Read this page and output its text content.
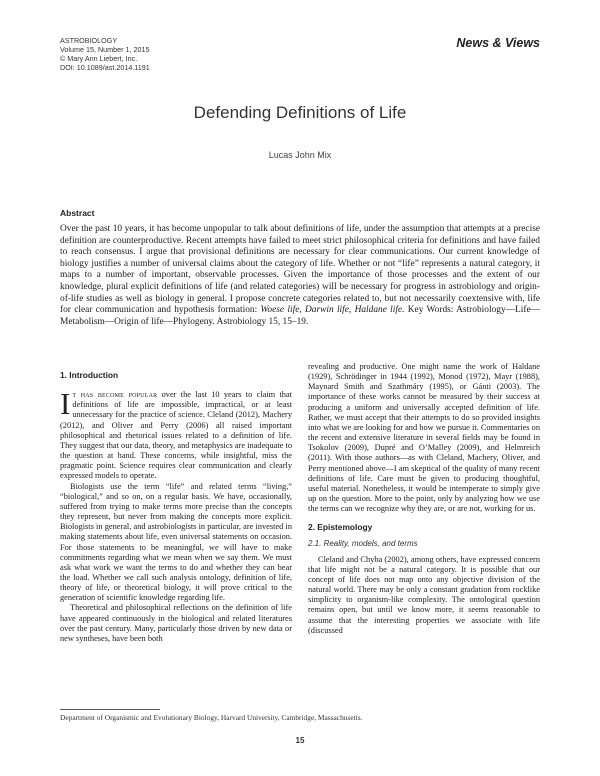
ASTROBIOLOGY
Volume 15, Number 1, 2015
© Mary Ann Liebert, Inc.
DOI: 10.1089/ast.2014.1191
News & Views
Defending Definitions of Life
Lucas John Mix
Abstract

Over the past 10 years, it has become unpopular to talk about definitions of life, under the assumption that attempts at a precise definition are counterproductive. Recent attempts have failed to meet strict philosophical criteria for definitions and have failed to reach consensus. I argue that provisional definitions are necessary for clear communications. Our current knowledge of biology justifies a number of universal claims about the category of life. Whether or not “life” represents a natural category, it maps to a number of important, observable processes. Given the importance of those processes and the extent of our knowledge, plural explicit definitions of life (and related categories) will be necessary for progress in astrobiology and origin-of-life studies as well as biology in general. I propose concrete categories related to, but not necessarily coextensive with, life for clear communication and hypothesis formation: Woese life, Darwin life, Haldane life. Key Words: Astrobiology—Life—Metabolism—Origin of life—Phylogeny. Astrobiology 15, 15–19.

1. Introduction

It has become popular over the last 10 years to claim that definitions of life are impossible, impractical, or at least unnecessary for the practice of science. Cleland (2012), Machery (2012), and Oliver and Perry (2006) all raised important philosophical and rhetorical issues related to a definition of life. They suggest that our data, theory, and metaphysics are inadequate to the question at hand. These concerns, while insightful, miss the pragmatic point. Science requires clear communication and clearly expressed models to operate.

Biologists use the term “life” and related terms “living,” “biological,” and so on, on a regular basis. We have, occasionally, suffered from trying to make terms more precise than the concepts they represent, but never from making the concepts more explicit. Biologists in general, and astrobiologists in particular, are invested in making statements about life, even universal statements on occasion. For those statements to be meaningful, we will have to make commitments regarding what we mean when we say them. We must ask what work we want the terms to do and whether they can bear the load. Whether we call such analysis ontology, definition of life, theory of life, or theoretical biology, it will prove critical to the generation of scientific knowledge regarding life.

Theoretical and philosophical reflections on the definition of life have appeared continuously in the biological and related literatures over the past century. Many, particularly those driven by new data or new syntheses, have been both

revealing and productive. One might name the work of Haldane (1929), Schrödinger in 1944 (1992), Monod (1972), Mayr (1988), Maynard Smith and Szathmáry (1995), or Gánti (2003). The importance of these works cannot be measured by their success at producing a uniform and universally accepted definition of life. Rather, we must accept that their attempts to do so provided insights into what we are looking for and how we pursue it. Commentaries on the recent and extensive literature in several fields may be found in Tsokolov (2009), Dupré and O’Malley (2009), and Helmreich (2011). With those authors—as with Cleland, Machery, Oliver, and Perry mentioned above—I am skeptical of the quality of many recent definitions of life. Care must be given to producing thoughtful, useful material. Nonetheless, it would be intemperate to simply give up on the question. More to the point, only by analyzing how we use the terms can we recognize why they are, or are not, working for us.

2. Epistemology
2.1. Reality, models, and terms

Cleland and Chyba (2002), among others, have expressed concern that life might not be a natural category. It is possible that our concept of life does not map onto any objective division of the natural world. There may be only a constant gradation from rocklike simplicity to organism-like complexity. The ontological question remains open, but until we know more, it seems reasonable to assume that the interesting properties we associate with life (discussed

Department of Organismic and Evolutionary Biology, Harvard University, Cambridge, Massachusetts.
15
